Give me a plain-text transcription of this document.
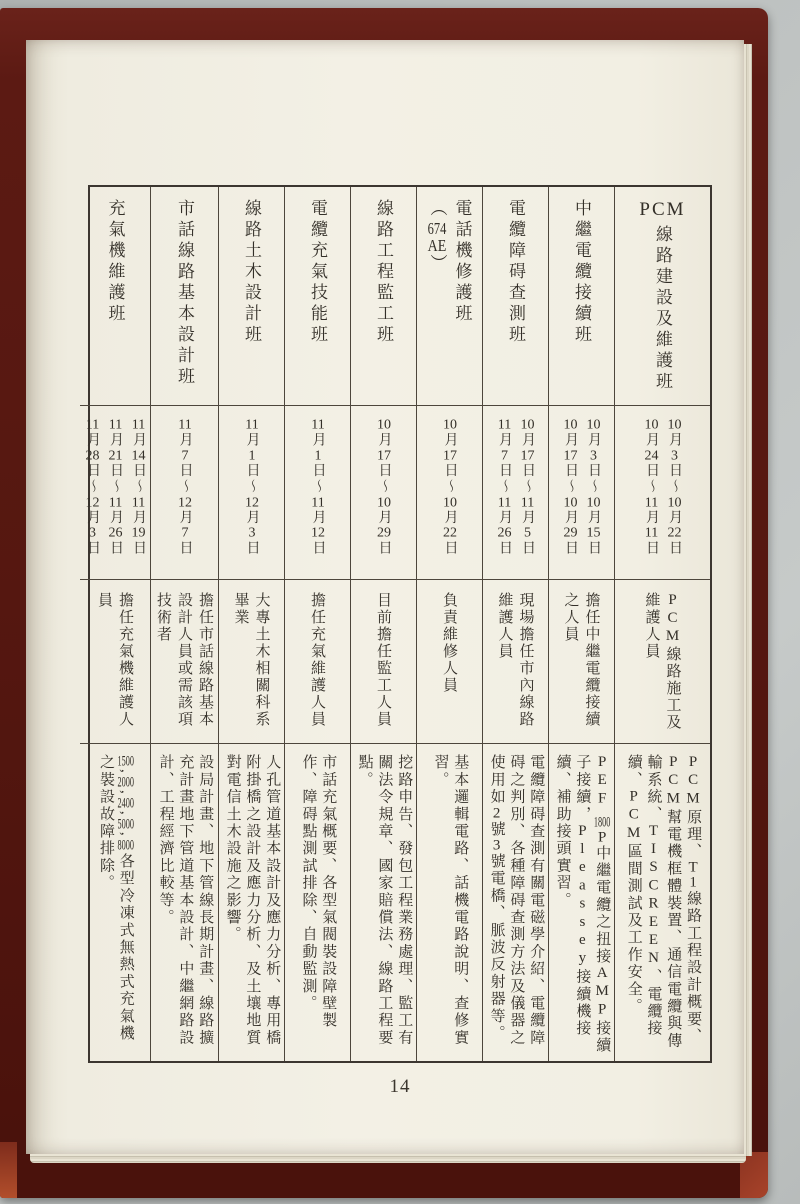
PCM
線路建設及維護班
10月3日〜10月22日
10月24日〜11月11日
PCM線路施工及維護人員
PCM原理、T1線路工程設計概要、PCM幫電機框體裝置、通信電纜與傳輸系統、TISCREEN、電纜接續、PCM區間測試及工作安全。
中繼電纜接續班
10月3日〜10月15日
10月17日〜10月29日
擔任中繼電纜接續之人員
PEF 1800P中繼電纜之扭接AMP接續子接續，Pleassey接續機接續、補助接頭實習。
電纜障碍查測班
10月17日〜11月5日
11月7日〜11月26日
現場擔任市內線路維護人員
電纜障碍查測有關電磁學介紹、電纜障碍之判別、各種障碍查測方法及儀器之使用如2號3號電橋、脈波反射器等。
電話機修護班（674AE）
10月17日〜10月22日
負責維修人員
基本邏輯電路、話機電路說明、查修實習。
線路工程監工班
10月17日〜10月29日
目前擔任監工人員
挖路申告、發包工程業務處理、監工有關法令規章、國家賠償法、線路工程要點。
電纜充氣技能班
11月1日〜11月12日
擔任充氣維護人員
市話充氣概要、各型氣閥裝設障壁製作、障碍點測試排除、自動監測。
線路土木設計班
11月1日〜12月3日
大專土木相關科系畢業
人孔管道基本設計及應力分析、專用橋附掛橋之設計及應力分析、及土壤地質對電信土木設施之影響。
市話線路基本設計班
11月7日〜12月7日
擔任市話線路基本設計人員或需該項技術者
設局計畫、地下管線長期計畫、線路擴充計畫地下管道基本設計、中繼網路設計、工程經濟比較等。
充氣機維護班
11月14日〜11月19日
11月21日〜11月26日
11月28日〜12月3日
擔任充氣機維護人員
1500,2000,2400,5000,8000各型冷凍式無熱式充氣機之裝設故障排除。
14
